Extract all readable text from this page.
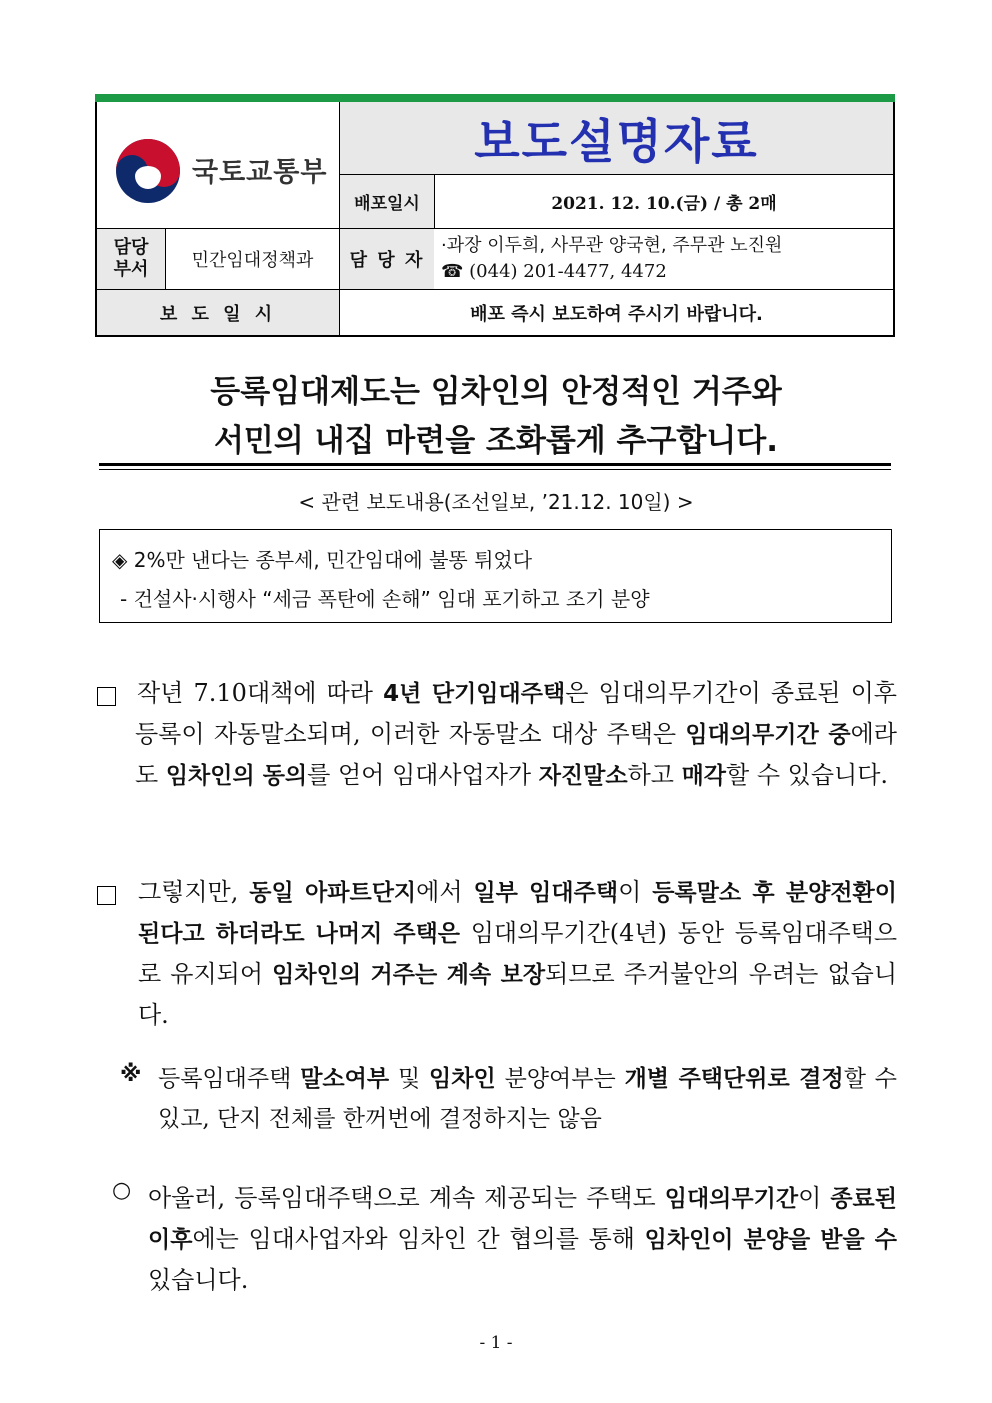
국토교통부
보도설명자료
배포일시	2021. 12. 10.(금) / 총 2매
담당
부서	민간임대정책과	담 당 자
·과장 이두희, 사무관 양국현, 주무관 노진원
☎ (044) 201-4477, 4472
보 도 일 시	배포 즉시 보도하여 주시기 바랍니다.
등록임대제도는 임차인의 안정적인 거주와
서민의 내집 마련을 조화롭게 추구합니다.
< 관련 보도내용(조선일보, ’21.12. 10일) >
◈ 2%만 낸다는 종부세, 민간임대에 불똥 튀었다
- 건설사·시행사 “세금 폭탄에 손해” 임대 포기하고 조기 분양
작년 7.10대책에 따라 4년 단기임대주택은 임대의무기간이 종료된 이후 등록이 자동말소되며, 이러한 자동말소 대상 주택은 임대의무기간 중에라도 임차인의 동의를 얻어 임대사업자가 자진말소하고 매각할 수 있습니다.
그렇지만, 동일 아파트단지에서 일부 임대주택이 등록말소 후 분양전환이 된다고 하더라도 나머지 주택은 임대의무기간(4년) 동안 등록임대주택으로 유지되어 임차인의 거주는 계속 보장되므로 주거불안의 우려는 없습니다.
※ 등록임대주택 말소여부 및 임차인 분양여부는 개별 주택단위로 결정할 수 있고, 단지 전체를 한꺼번에 결정하지는 않음
○ 아울러, 등록임대주택으로 계속 제공되는 주택도 임대의무기간이 종료된 이후에는 임대사업자와 임차인 간 협의를 통해 임차인이 분양을 받을 수 있습니다.
- 1 -
